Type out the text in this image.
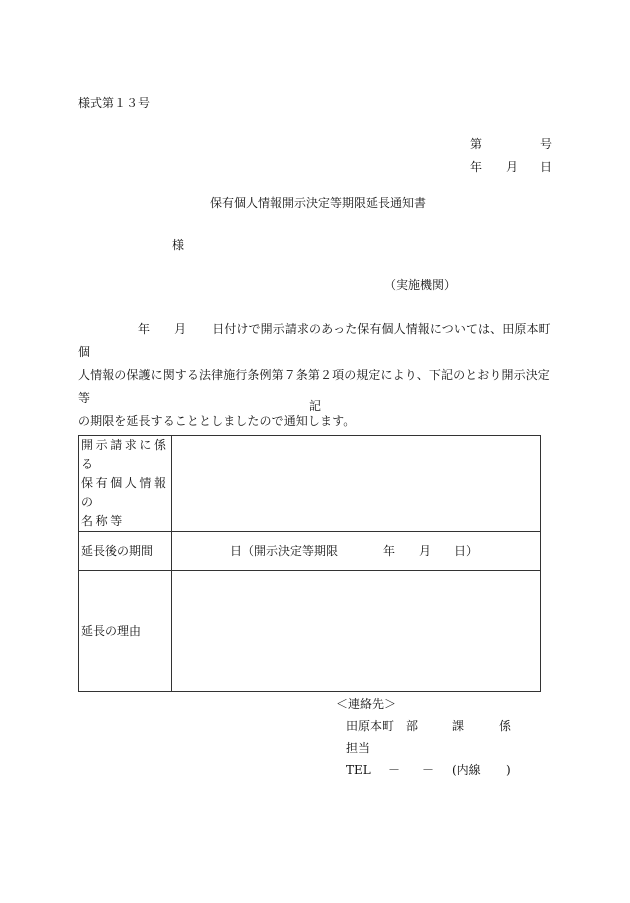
様式第１３号
第	号
年 月 日
保有個人情報開示決定等期限延長通知書
様
（実施機関）
年 月 日付けで開示請求のあった保有個人情報については、田原本町個
人情報の保護に関する法律施行条例第７条第２項の規定により、下記のとおり開示決定等
の期限を延長することとしましたので通知します。
記
開示請求に係る
保有個人情報の
名称等	

延長後の期間	日（開示決定等期限 年 月 日）

延長の理由	
＜連絡先＞
田原本町 部	課	係
担当
TEL － － (内線 )
